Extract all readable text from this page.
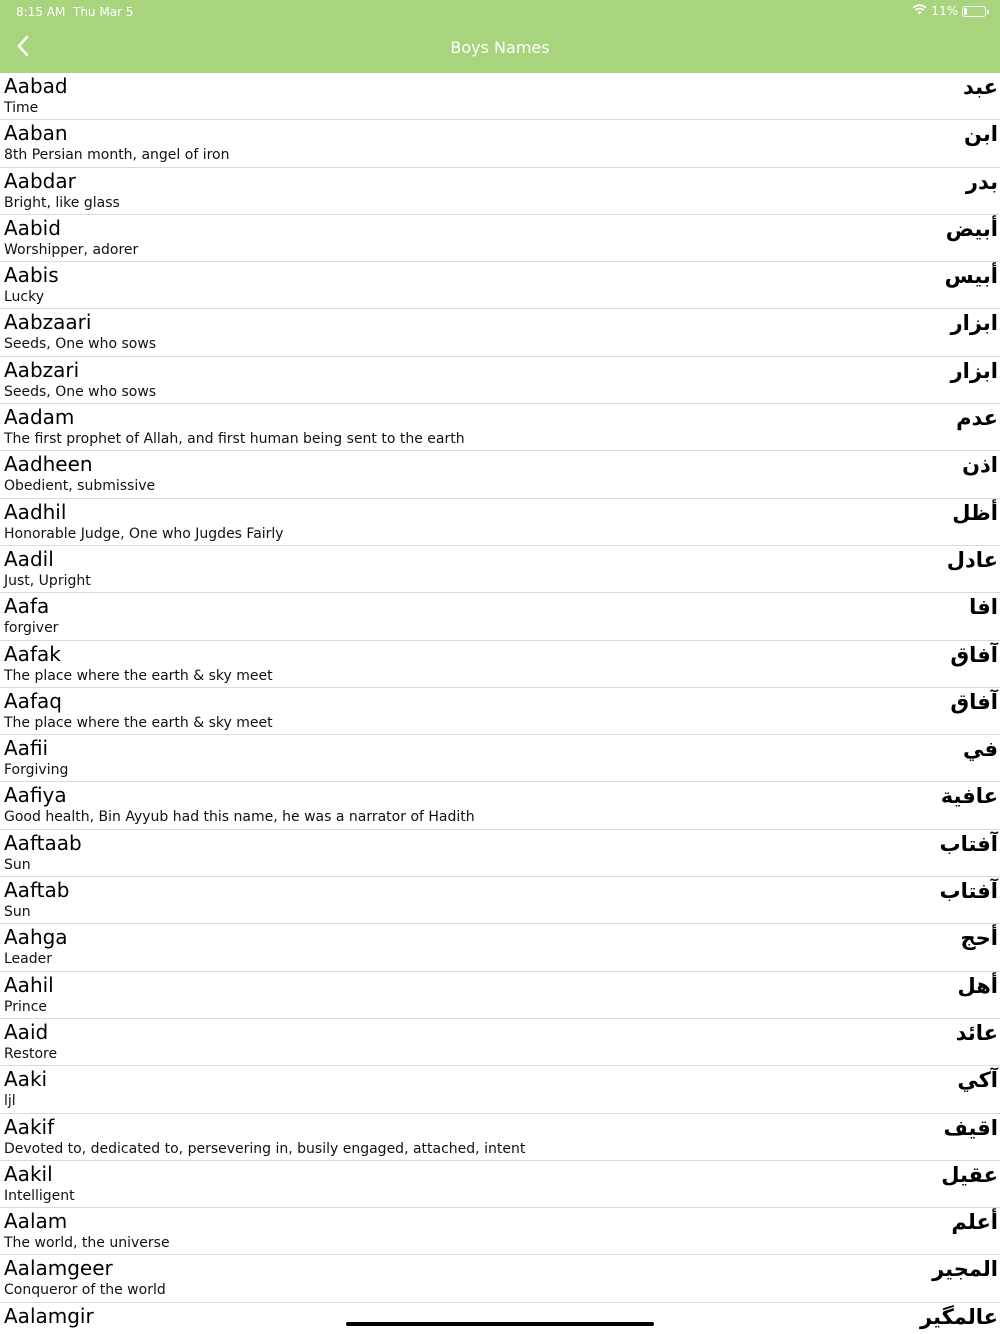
8:15 AM Thu Mar 5	11%
Boys Names
Aabad
Time
عبد
Aaban
8th Persian month, angel of iron
ابن
Aabdar
Bright, like glass
بدر
Aabid
Worshipper, adorer
أبيض
Aabis
Lucky
أبيس
Aabzaari
Seeds, One who sows
ابزار
Aabzari
Seeds, One who sows
ابزار
Aadam
The first prophet of Allah, and first human being sent to the earth
عدم
Aadheen
Obedient, submissive
اذن
Aadhil
Honorable Judge, One who Jugdes Fairly
أظل
Aadil
Just, Upright
عادل
Aafa
forgiver
افا
Aafak
The place where the earth & sky meet
آفاق
Aafaq
The place where the earth & sky meet
آفاق
Aafii
Forgiving
في
Aafiya
Good health, Bin Ayyub had this name, he was a narrator of Hadith
عافية
Aaftaab
Sun
آفتاب
Aaftab
Sun
آفتاب
Aahga
Leader
أحج
Aahil
Prince
أهل
Aaid
Restore
عائد
Aaki
ljl
آكي
Aakif
Devoted to, dedicated to, persevering in, busily engaged, attached, intent
اقيف
Aakil
Intelligent
عقيل
Aalam
The world, the universe
أعلم
Aalamgeer
Conqueror of the world
المجير
Aalamgir	عالمگیر
